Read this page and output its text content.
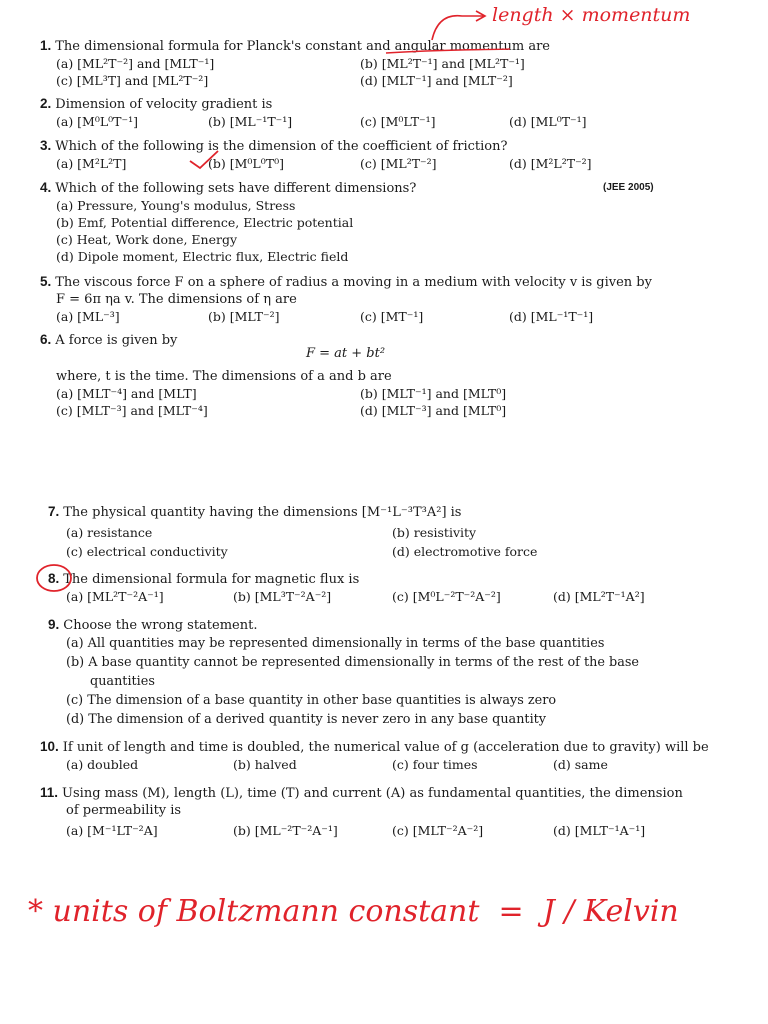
1. The dimensional formula for Planck's constant and angular momentum are
(a) [ML²T⁻²] and [MLT⁻¹]	(b) [ML²T⁻¹] and [ML²T⁻¹]
(c) [ML³T] and [ML²T⁻²]	(d) [MLT⁻¹] and [MLT⁻²]
2. Dimension of velocity gradient is
(a) [M⁰L⁰T⁻¹]	(b) [ML⁻¹T⁻¹]	(c) [M⁰LT⁻¹]	(d) [ML⁰T⁻¹]
3. Which of the following is the dimension of the coefficient of friction?
(a) [M²L²T]	(b) [M⁰L⁰T⁰]	(c) [ML²T⁻²]	(d) [M²L²T⁻²]
4. Which of the following sets have different dimensions?
(a) Pressure, Young's modulus, Stress
(b) Emf, Potential difference, Electric potential
(c) Heat, Work done, Energy
(d) Dipole moment, Electric flux, Electric field
(JEE 2005)
5. The viscous force F on a sphere of radius a moving in a medium with velocity v is given by
F = 6π ηa v. The dimensions of η are
(a) [ML⁻³]	(b) [MLT⁻²]	(c) [MT⁻¹]	(d) [ML⁻¹T⁻¹]
6. A force is given by
F = at + bt²
where, t is the time. The dimensions of a and b are
(a) [MLT⁻⁴] and [MLT]	(b) [MLT⁻¹] and [MLT⁰]
(c) [MLT⁻³] and [MLT⁻⁴]	(d) [MLT⁻³] and [MLT⁰]
7. The physical quantity having the dimensions [M⁻¹L⁻³T³A²] is
(a) resistance	(b) resistivity
(c) electrical conductivity	(d) electromotive force
8. The dimensional formula for magnetic flux is
(a) [ML²T⁻²A⁻¹]	(b) [ML³T⁻²A⁻²]	(c) [M⁰L⁻²T⁻²A⁻²]	(d) [ML²T⁻¹A²]
9. Choose the wrong statement.
(a) All quantities may be represented dimensionally in terms of the base quantities
(b) A base quantity cannot be represented dimensionally in terms of the rest of the base
quantities
(c) The dimension of a base quantity in other base quantities is always zero
(d) The dimension of a derived quantity is never zero in any base quantity
10. If unit of length and time is doubled, the numerical value of g (acceleration due to gravity) will be
(a) doubled	(b) halved	(c) four times	(d) same
11. Using mass (M), length (L), time (T) and current (A) as fundamental quantities, the dimension
of permeability is
(a) [M⁻¹LT⁻²A]	(b) [ML⁻²T⁻²A⁻¹]	(c) [MLT⁻²A⁻²]	(d) [MLT⁻¹A⁻¹]
length × momentum
* units of Boltzmann constant  =  J / Kelvin
